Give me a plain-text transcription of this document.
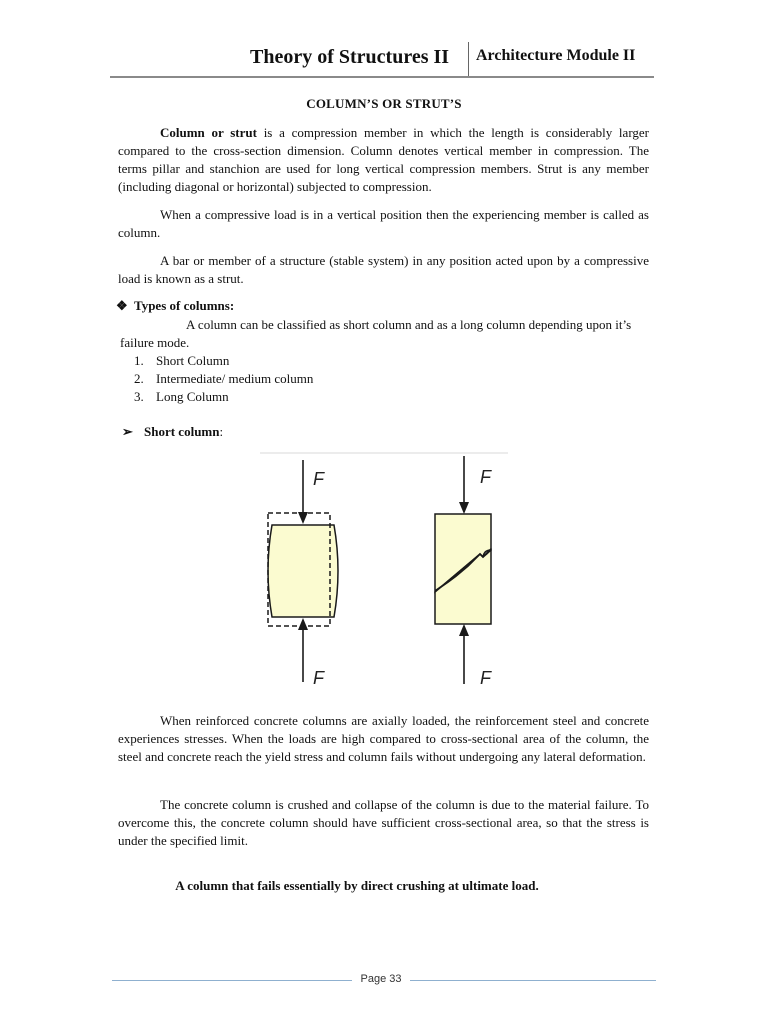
Theory of Structures II Architecture Module II
COLUMN’S OR STRUT’S

Column or strut is a compression member in which the length is considerably larger compared to the cross-section dimension. Column denotes vertical member in compression. The terms pillar and stanchion are used for long vertical compression members. Strut is any member (including diagonal or horizontal) subjected to compression.

When a compressive load is in a vertical position then the experiencing member is called as column.

A bar or member of a structure (stable system) in any position acted upon by a compressive load is known as a strut.

❖ Types of columns:

A column can be classified as short column and as a long column depending upon it’s failure mode.

1. Short Column
2. Intermediate/ medium column
3. Long Column
➢ Short column:
F
F
F
F

When reinforced concrete columns are axially loaded, the reinforcement steel and concrete experiences stresses. When the loads are high compared to cross-sectional area of the column, the steel and concrete reach the yield stress and column fails without undergoing any lateral deformation.

The concrete column is crushed and collapse of the column is due to the material failure. To overcome this, the concrete column should have sufficient cross-sectional area, so that the stress is under the specified limit.

A column that fails essentially by direct crushing at ultimate load.
Page 33
